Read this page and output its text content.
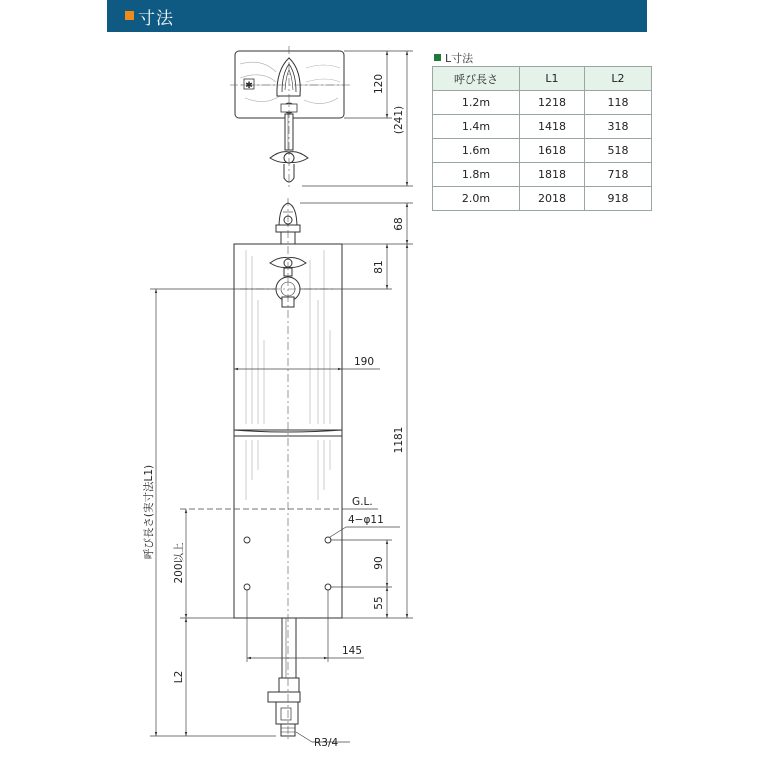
寸法
L寸法
呼び長さ	L1	L2
1.2m	1218	118
1.4m	1418	318
1.6m	1618	518
1.8m	1818	718
2.0m	2018	918
✱	120
(241)
68
81
190
1181
G.L.
4−φ11
90
55
145
呼び長さ(実寸法L1)
200以上
L2
R3/4
